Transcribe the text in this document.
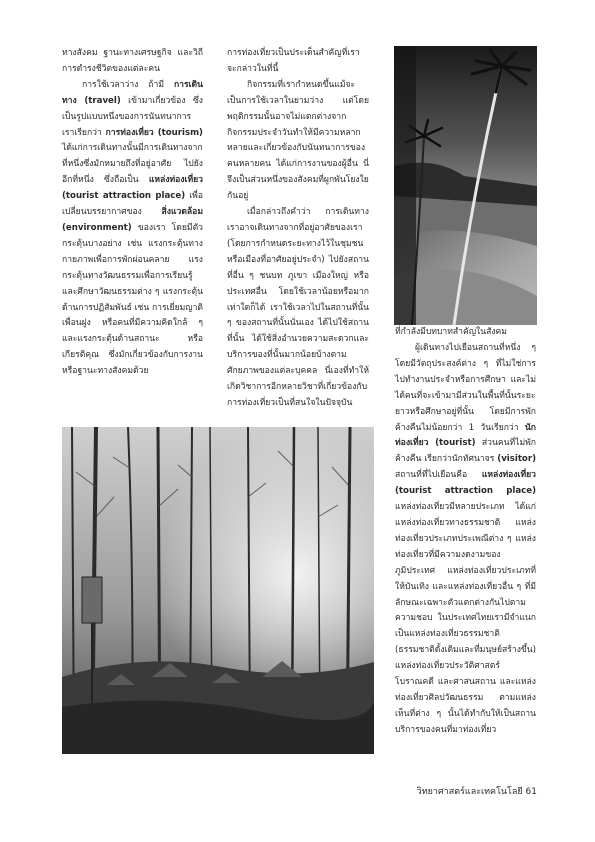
ทางสังคม ฐานะทางเศรษฐกิจ และวิถีการดำรงชีวิตของแต่ละคน

การใช้เวลาว่าง ถ้ามี การเดินทาง (travel) เข้ามาเกี่ยวข้อง ซึ่งเป็นรูปแบบหนึ่งของการนันทนาการ เราเรียกว่า การท่องเที่ยว (tourism) ได้แก่การเดินทางนั้นมีการเดินทางจากที่หนึ่งซึ่งมักหมายถึงที่อยู่อาศัย ไปยังอีกที่หนึ่ง ซึ่งถือเป็น แหล่งท่องเที่ยว (tourist attraction place) เพื่อเปลี่ยนบรรยากาศของ สิ่งแวดล้อม (environment) ของเรา โดยมีตัวกระตุ้นบางอย่าง เช่น แรงกระตุ้นทางกายภาพเพื่อการพักผ่อนคลาย แรงกระตุ้นทางวัฒนธรรมเพื่อการเรียนรู้และศึกษาวัฒนธรรมต่าง ๆ แรงกระตุ้นด้านการปฏิสัมพันธ์ เช่น การเยี่ยมญาติ เพื่อนฝูง หรือคนที่มีความคิดใกล้ ๆ และแรงกระตุ้นด้านสถานะ หรือเกียรติคุณ ซึ่งมักเกี่ยวข้องกับการงานหรือฐานะทางสังคมด้วย

การท่องเที่ยวเป็นประเด็นสำคัญที่เราจะกล่าวในที่นี้

กิจกรรมที่เรากำหนดขึ้นแม้จะเป็นการใช้เวลาในยามว่าง แต่โดยพฤติกรรมนั้นอาจไม่แตกต่างจากกิจกรรมประจำวันทำให้มีความหลากหลายและเกี่ยวข้องกับนันทนาการของคนหลายคน ได้แก่การงานของผู้อื่น นี่จึงเป็นส่วนหนึ่งของสังคมที่ผูกพันโยงใยกันอยู่

เมื่อกล่าวถึงคำว่า การเดินทาง เราอาจเดินทางจากที่อยู่อาศัยของเรา (โดยการกำหนดระยะทางไว้ในชุมชนหรือเมืองที่อาศัยอยู่ประจำ) ไปยังสถานที่อื่น ๆ ชนบท ภูเขา เมืองใหญ่ หรือประเทศอื่น โดยใช้เวลาน้อยหรือมากเท่าใดก็ได้ เราใช้เวลาไปในสถานที่นั้น ๆ ของสถานที่นั้นนั่นเอง ได้ไปใช้สถานที่นั้น ได้ใช้สิ่งอำนวยความสะดวกและบริการของที่นั้นมากน้อยบ้างตามศักยภาพของแต่ละบุคคล นี่เองที่ทำให้เกิดวิชาการอีกหลายวิชาที่เกี่ยวข้องกับการท่องเที่ยวเป็นที่สนใจในปัจจุบัน

ที่กำลังมีบทบาทสำคัญในสังคม

ผู้เดินทางไปเยือนสถานที่หนึ่ง ๆ โดยมีวัตถุประสงค์ต่าง ๆ ที่ไม่ใช่การไปทำงานประจำหรือการศึกษา และไม่ได้คนที่จะเข้ามามีส่วนในพื้นที่นั้นระยะยาวหรือศึกษาอยู่ที่นั้น โดยมีการพักค้างคืนไม่น้อยกว่า 1 วันเรียกว่า นักท่องเที่ยว (tourist) ส่วนคนที่ไม่พักค้างคืน เรียกว่านักทัศนาจร (visitor) สถานที่ที่ไปเยือนคือ แหล่งท่องเที่ยว (tourist attraction place) แหล่งท่องเที่ยวมีหลายประเภท ได้แก่ แหล่งท่องเที่ยวทางธรรมชาติ แหล่งท่องเที่ยวประเภทประเพณีต่าง ๆ แหล่งท่องเที่ยวที่มีความงดงามของภูมิประเทศ แหล่งท่องเที่ยวประเภทที่ให้บันเทิง และแหล่งท่องเที่ยวอื่น ๆ ที่มีลักษณะเฉพาะตัวแตกต่างกันไปตามความชอบ ในประเทศไทยเรามีจำแนกเป็นแหล่งท่องเที่ยวธรรมชาติ (ธรรมชาติดั้งเดิมและที่มนุษย์สร้างขึ้น) แหล่งท่องเที่ยวประวัติศาสตร์ โบราณคดี และศาสนสถาน และแหล่งท่องเที่ยวศิลปวัฒนธรรม ตามแหล่งเห็นที่ต่าง ๆ นั้นได้ทำกับให้เป็นสถานบริการของคนที่มาท่องเที่ยว

วิทยาศาสตร์และเทคโนโลยี 61
